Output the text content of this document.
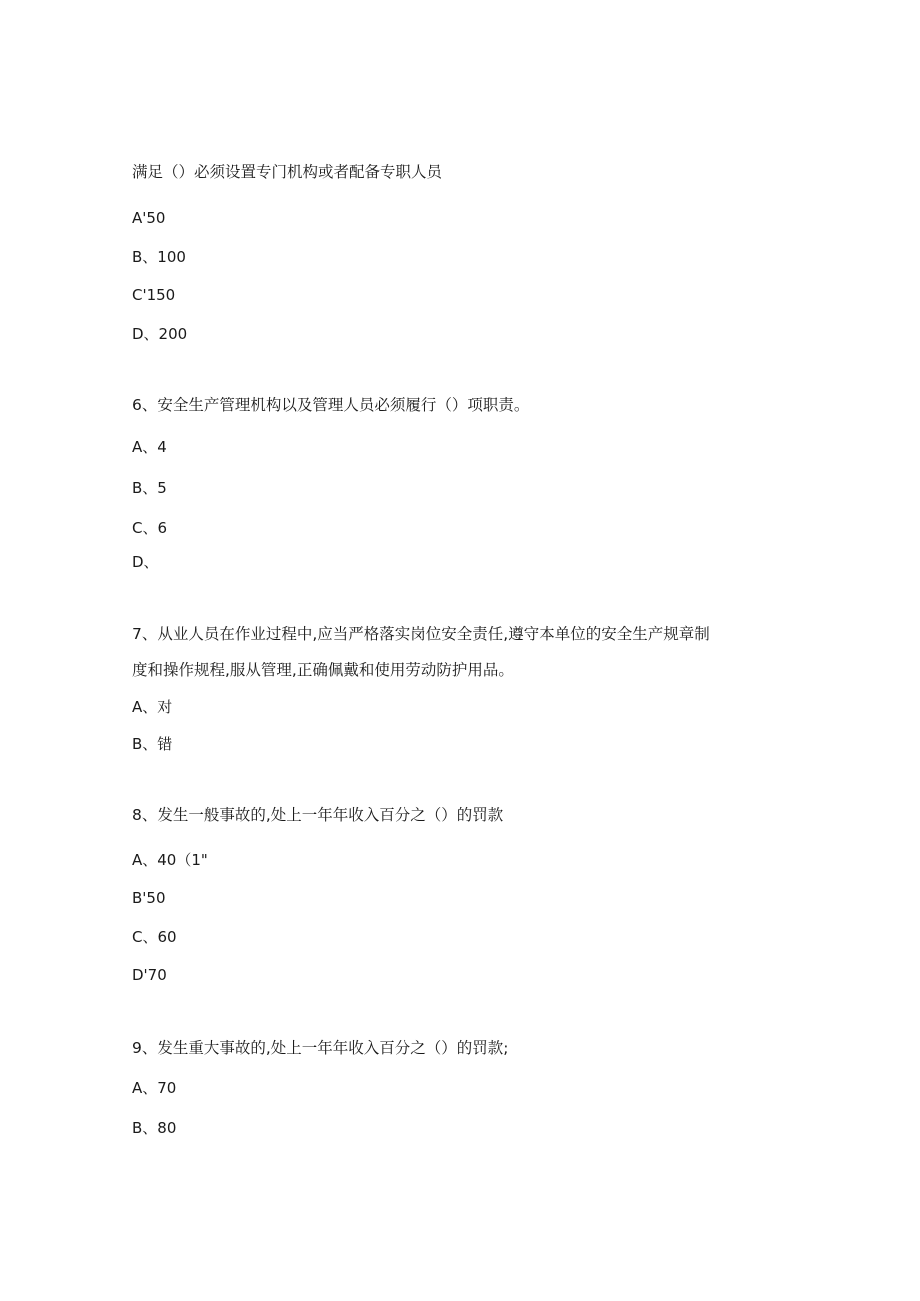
满足（）必须设置专门机构或者配备专职人员
A'50
B、100
C'150
D、200
6、安全生产管理机构以及管理人员必须履行（）项职责。
A、4
B、5
C、6
D、
7、从业人员在作业过程中,应当严格落实岗位安全责任,遵守本单位的安全生产规章制
度和操作规程,服从管理,正确佩戴和使用劳动防护用品。
A、对
B、错
8、发生一般事故的,处上一年年收入百分之（）的罚款
A、40（1"
B'50
C、60
D'70
9、发生重大事故的,处上一年年收入百分之（）的罚款;
A、70
B、80
